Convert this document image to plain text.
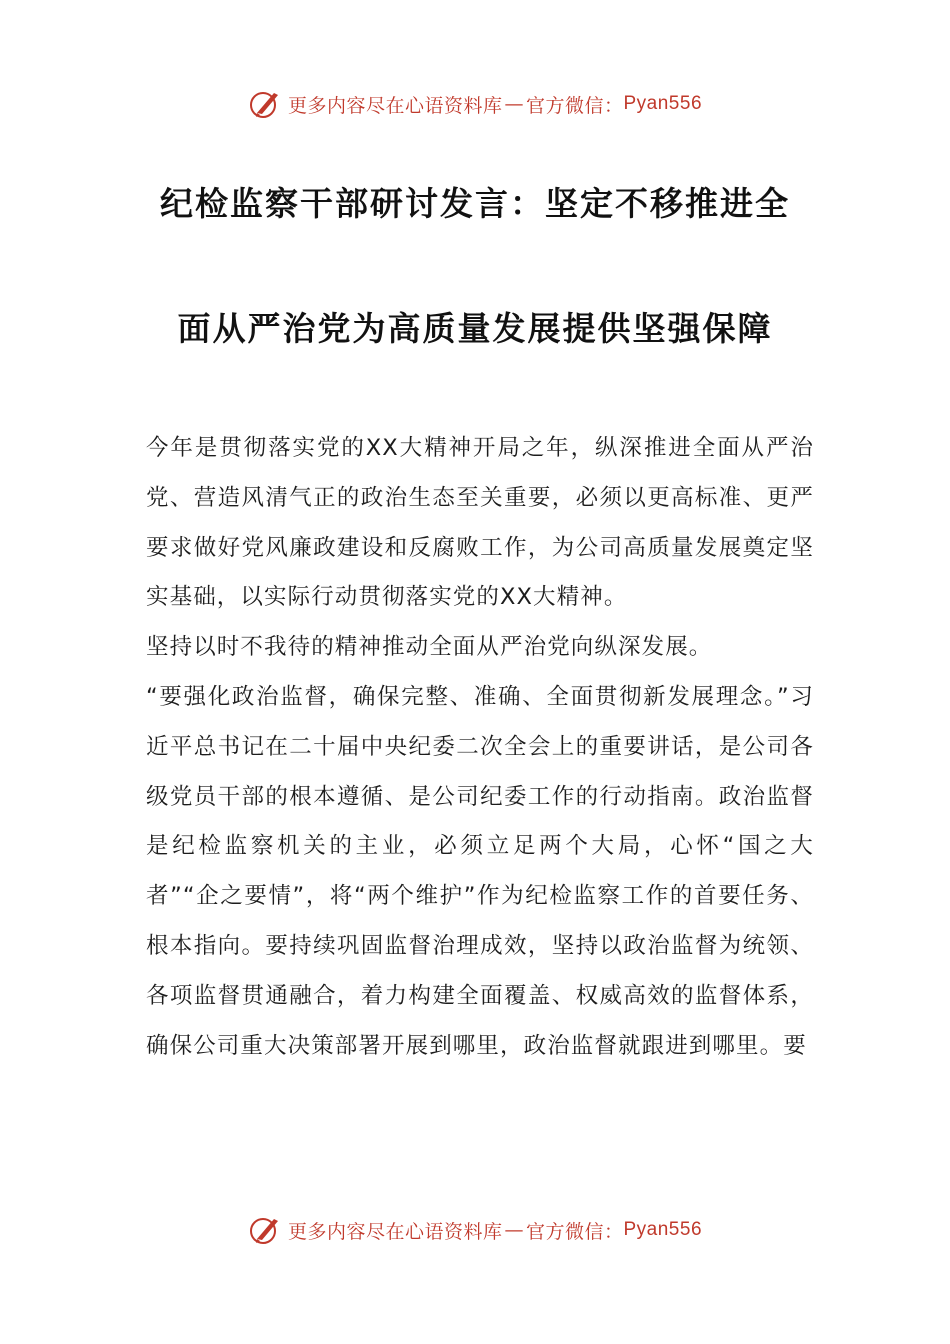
更多内容尽在心语资料库 — 官方微信： Pyan556
纪检监察干部研讨发言：坚定不移推进全
面从严治党为高质量发展提供坚强保障

今年是贯彻落实党的XX大精神开局之年，纵深推进全面从严治党、营造风清气正的政治生态至关重要，必须以更高标准、更严要求做好党风廉政建设和反腐败工作，为公司高质量发展奠定坚实基础，以实际行动贯彻落实党的XX大精神。

坚持以时不我待的精神推动全面从严治党向纵深发展。

“要强化政治监督，确保完整、准确、全面贯彻新发展理念。”习近平总书记在二十届中央纪委二次全会上的重要讲话，是公司各级党员干部的根本遵循、是公司纪委工作的行动指南。政治监督是纪检监察机关的主业，必须立足两个大局，心怀“国之大者”“企之要情”，将“两个维护”作为纪检监察工作的首要任务、根本指向。要持续巩固监督治理成效，坚持以政治监督为统领、各项监督贯通融合，着力构建全面覆盖、权威高效的监督体系，确保公司重大决策部署开展到哪里，政治监督就跟进到哪里。要

更多内容尽在心语资料库 — 官方微信： Pyan556
